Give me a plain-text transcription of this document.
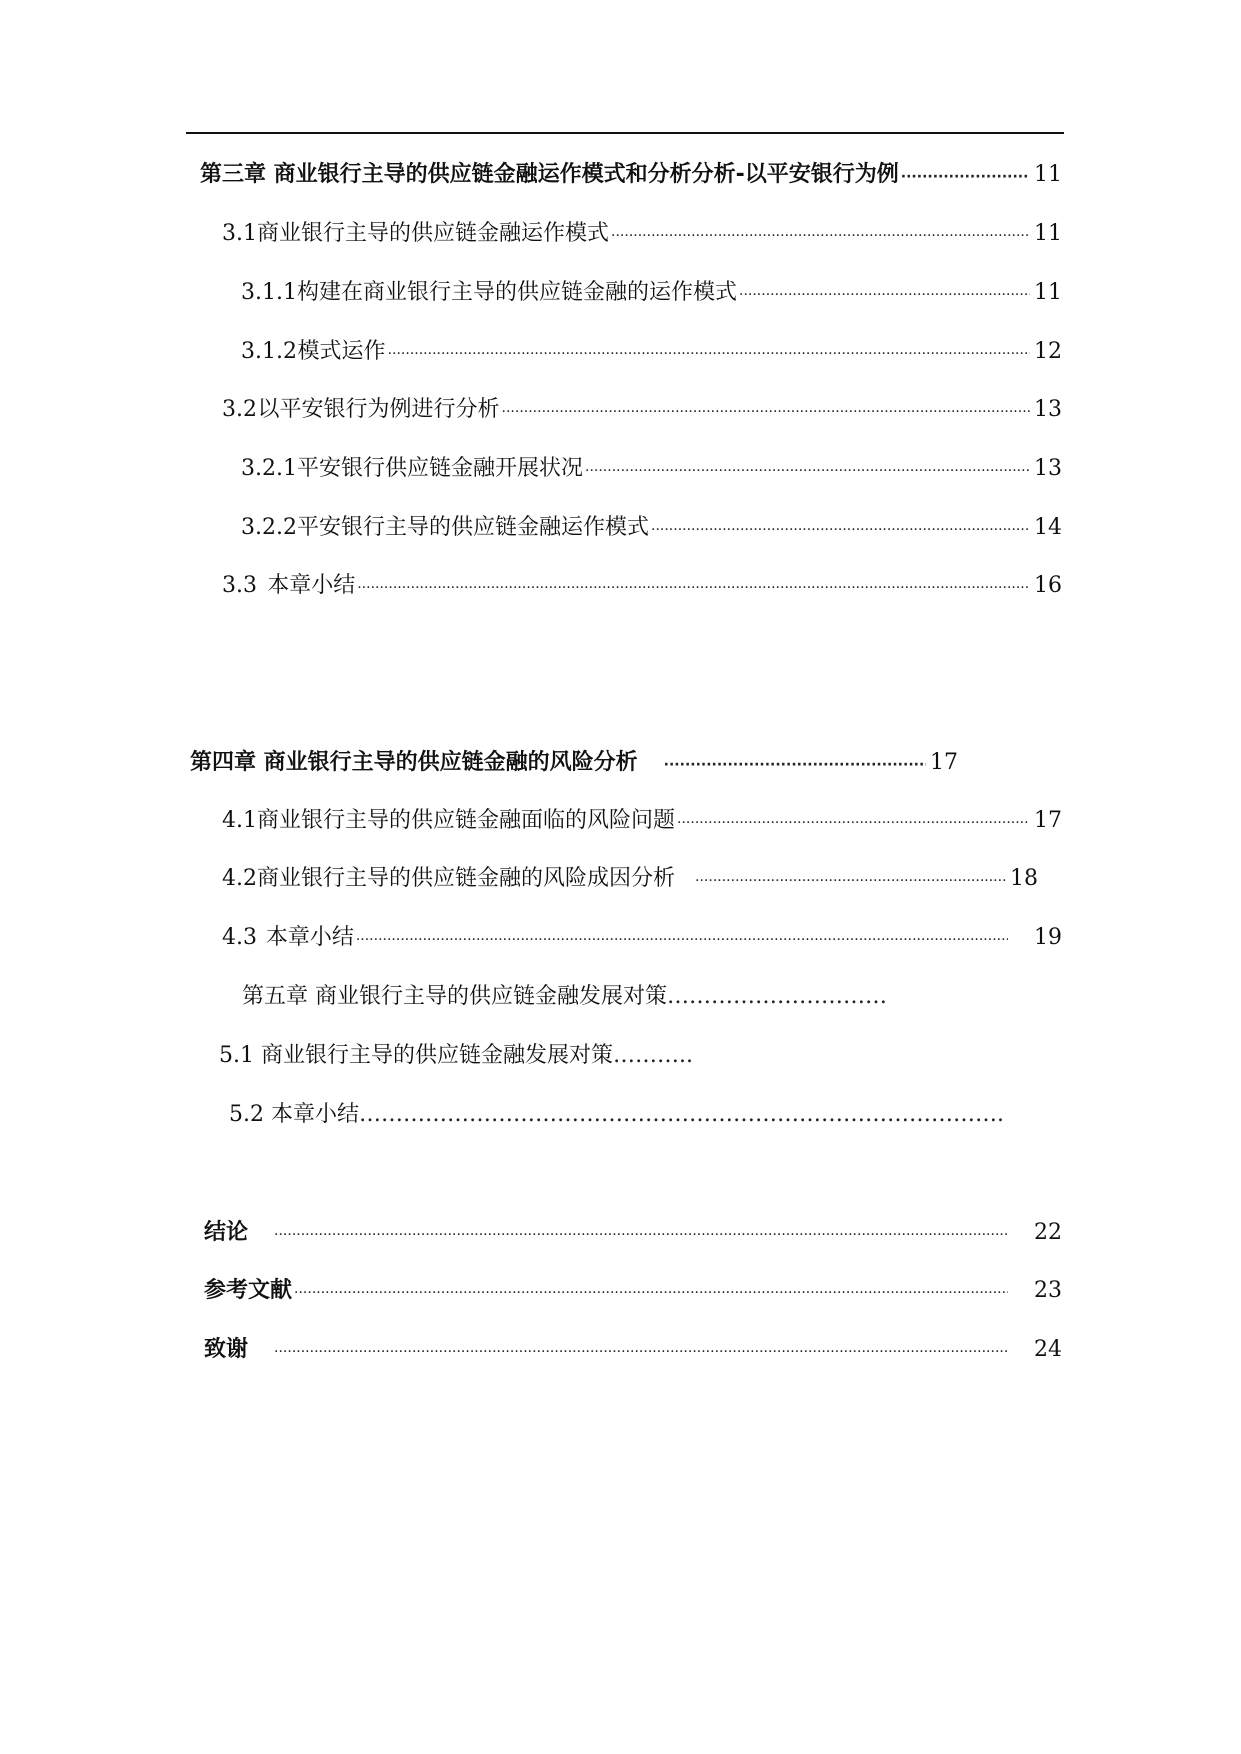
第三章 商业银行主导的供应链金融运作模式和分析分析-以平安银行为例 ·····	11
3.1 商业银行主导的供应链金融运作模式 ·····	11
3.1.1 构建在商业银行主导的供应链金融的运作模式 ·····	11
3.1.2 模式运作 ·····	12
3.2 以平安银行为例进行分析 ·····	13
3.2.1 平安银行供应链金融开展状况 ·····	13
3.2.2 平安银行主导的供应链金融运作模式 ·····	14
3.3 本章小结 ·····	16
第四章 商业银行主导的供应链金融的风险分析 ·····	17
4.1 商业银行主导的供应链金融面临的风险问题 ·····	17
4.2 商业银行主导的供应链金融的风险成因分析 ·····	18
4.3 本章小结 ·····	19
第五章 商业银行主导的供应链金融发展对策 …………………………
5.1 商业银行主导的供应链金融发展对策 ………..
5.2 本章小结 …………………………………………………………………………….
结论 ·····	22
参考文献 ·····	23
致谢 ·····	24
